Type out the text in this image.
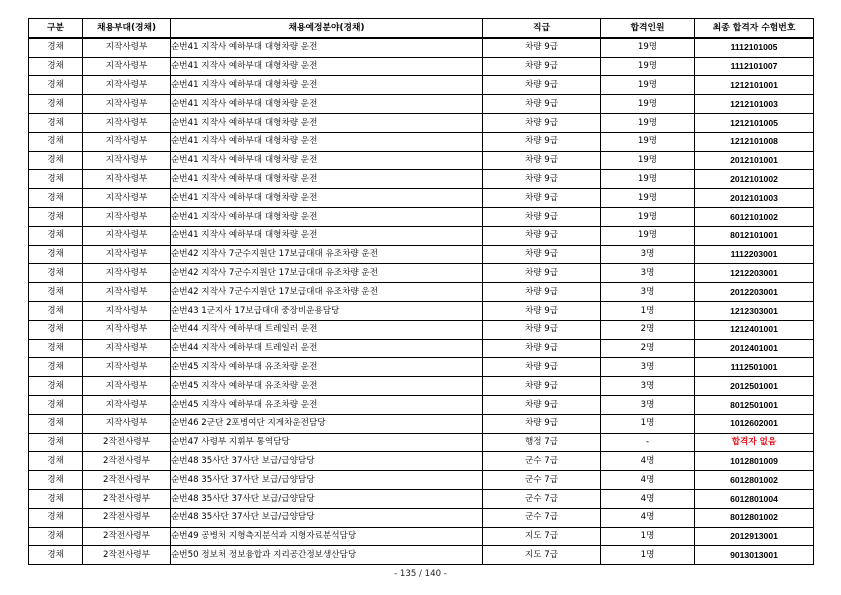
구분	채용부대(경채)	채용예정분야(경채)	직급	합격인원	최종 합격자 수험번호
경채	지작사령부	순번41 지작사 예하부대 대형차량 운전	차량 9급	19명	1112101005
경채	지작사령부	순번41 지작사 예하부대 대형차량 운전	차량 9급	19명	1112101007
경채	지작사령부	순번41 지작사 예하부대 대형차량 운전	차량 9급	19명	1212101001
경채	지작사령부	순번41 지작사 예하부대 대형차량 운전	차량 9급	19명	1212101003
경채	지작사령부	순번41 지작사 예하부대 대형차량 운전	차량 9급	19명	1212101005
경채	지작사령부	순번41 지작사 예하부대 대형차량 운전	차량 9급	19명	1212101008
경채	지작사령부	순번41 지작사 예하부대 대형차량 운전	차량 9급	19명	2012101001
경채	지작사령부	순번41 지작사 예하부대 대형차량 운전	차량 9급	19명	2012101002
경채	지작사령부	순번41 지작사 예하부대 대형차량 운전	차량 9급	19명	2012101003
경채	지작사령부	순번41 지작사 예하부대 대형차량 운전	차량 9급	19명	6012101002
경채	지작사령부	순번41 지작사 예하부대 대형차량 운전	차량 9급	19명	8012101001
경채	지작사령부	순번42 지작사 7군수지원단 17보급대대 유조차량 운전	차량 9급	3명	1112203001
경채	지작사령부	순번42 지작사 7군수지원단 17보급대대 유조차량 운전	차량 9급	3명	1212203001
경채	지작사령부	순번42 지작사 7군수지원단 17보급대대 유조차량 운전	차량 9급	3명	2012203001
경채	지작사령부	순번43 1군지사 17보급대대 중장비운용담당	차량 9급	1명	1212303001
경채	지작사령부	순번44 지작사 예하부대 트레일러 운전	차량 9급	2명	1212401001
경채	지작사령부	순번44 지작사 예하부대 트레일러 운전	차량 9급	2명	2012401001
경채	지작사령부	순번45 지작사 예하부대 유조차량 운전	차량 9급	3명	1112501001
경채	지작사령부	순번45 지작사 예하부대 유조차량 운전	차량 9급	3명	2012501001
경채	지작사령부	순번45 지작사 예하부대 유조차량 운전	차량 9급	3명	8012501001
경채	지작사령부	순번46 2군단 2포병여단 지게차운전담당	차량 9급	1명	1012602001
경채	2작전사령부	순번47 사령부 지휘부 통역담당	행정 7급	-	합격자 없음
경채	2작전사령부	순번48 35사단 37사단 보급/급양담당	군수 7급	4명	1012801009
경채	2작전사령부	순번48 35사단 37사단 보급/급양담당	군수 7급	4명	6012801002
경채	2작전사령부	순번48 35사단 37사단 보급/급양담당	군수 7급	4명	6012801004
경채	2작전사령부	순번48 35사단 37사단 보급/급양담당	군수 7급	4명	8012801002
경채	2작전사령부	순번49 공병처 지형측지분석과 지형자료분석담당	지도 7급	1명	2012913001
경채	2작전사령부	순번50 정보처 정보융합과 지리공간정보생산담당	지도 7급	1명	9013013001
- 135 / 140 -
